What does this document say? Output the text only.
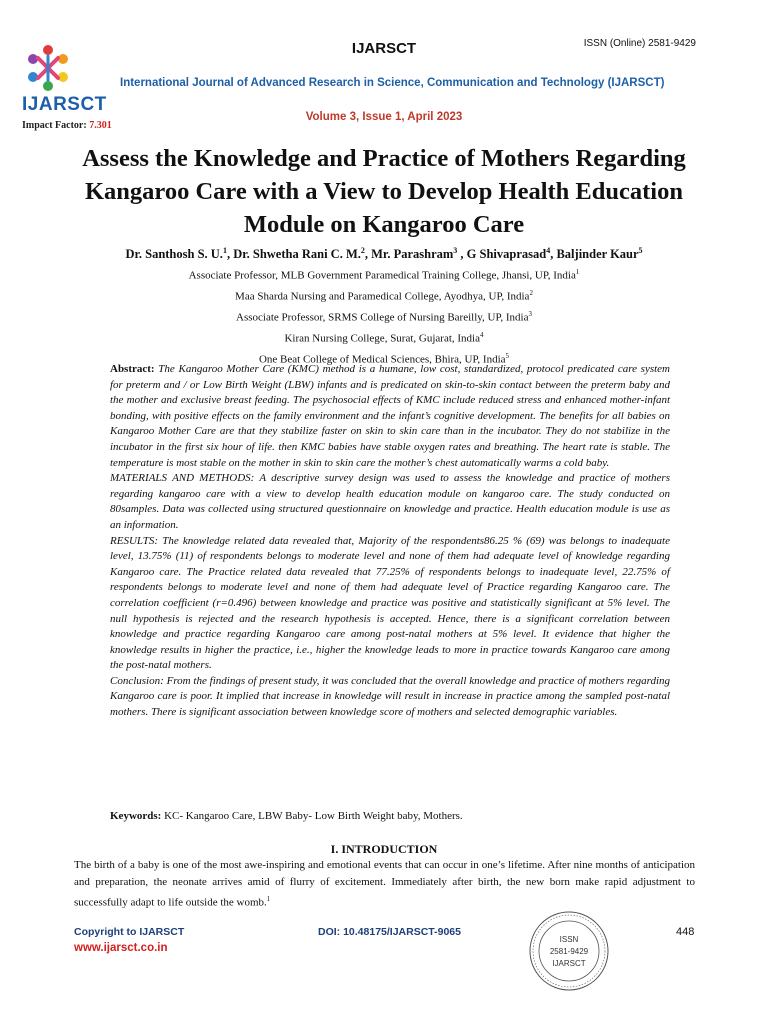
IJARSCT
Impact Factor: 7.301
IJARSCT	ISSN (Online) 2581-9429
International Journal of Advanced Research in Science, Communication and Technology (IJARSCT)
Volume 3, Issue 1, April 2023
Assess the Knowledge and Practice of Mothers Regarding Kangaroo Care with a View to Develop Health Education Module on Kangaroo Care
Dr. Santhosh S. U.$^1$, Dr. Shwetha Rani C. M.$^2$, Mr. Parashram$^3$ , G Shivaprasad$^4$, Baljinder Kaur$^5$
Associate Professor, MLB Government Paramedical Training College, Jhansi, UP, India$^1$
Maa Sharda Nursing and Paramedical College, Ayodhya, UP, India$^2$
Associate Professor, SRMS College of Nursing Bareilly, UP, India$^3$
Kiran Nursing College, Surat, Gujarat, India$^4$
One Beat College of Medical Sciences, Bhira, UP, India$^5$

Abstract: The Kangaroo Mother Care (KMC) method is a humane, low cost, standardized, protocol predicated care system for preterm and / or Low Birth Weight (LBW) infants and is predicated on skin-to-skin contact between the preterm baby and the mother and exclusive breast feeding. The psychosocial effects of KMC include reduced stress and enhanced mother-infant bonding, with positive effects on the family environment and the infant’s cognitive development. The benefits for all babies on Kangaroo Mother Care are that they stabilize faster on skin to skin care than in the incubator. They do not stabilize in the incubator in the first six hour of life. then KMC babies have stable oxygen rates and breathing. The heart rate is stable. The temperature is most stable on the mother in skin to skin care the mother’s chest automatically warms a cold baby.

MATERIALS AND METHODS: A descriptive survey design was used to assess the knowledge and practice of mothers regarding kangaroo care with a view to develop health education module on kangaroo care. The study conducted on 80samples. Data was collected using structured questionnaire on knowledge and practice. Health education module is use as an information.

RESULTS: The knowledge related data revealed that, Majority of the respondents86.25 % (69) was belongs to inadequate level, 13.75% (11) of respondents belongs to moderate level and none of them had adequate level of knowledge regarding Kangaroo care. The Practice related data revealed that 77.25% of respondents belongs to inadequate level, 22.75% of respondents belongs to moderate level and none of them had adequate level of Practice regarding Kangaroo care. The correlation coefficient (r=0.496) between knowledge and practice was positive and statistically significant at 5% level. The null hypothesis is rejected and the research hypothesis is accepted. Hence, there is a significant correlation between knowledge and practice regarding Kangaroo care among post-natal mothers at 5% level. It evidence that higher the knowledge results in higher the practice, i.e., higher the knowledge leads to more in practice towards Kangaroo care among the post-natal mothers.

Conclusion: From the findings of present study, it was concluded that the overall knowledge and practice of mothers regarding Kangaroo care is poor. It implied that increase in knowledge will result in increase in practice among the sampled post-natal mothers. There is significant association between knowledge score of mothers and selected demographic variables.

Keywords: KC- Kangaroo Care, LBW Baby- Low Birth Weight baby, Mothers.
I. INTRODUCTION
The birth of a baby is one of the most awe-inspiring and emotional events that can occur in one’s lifetime. After nine months of anticipation and preparation, the neonate arrives amid of flurry of excitement. Immediately after birth, the new born make rapid adjustment to successfully adapt to life outside the womb.$^1$
Copyright to IJARSCT
www.ijarsct.co.in
DOI: 10.48175/IJARSCT-9065	448
ISSN
2581-9429
IJARSCT
